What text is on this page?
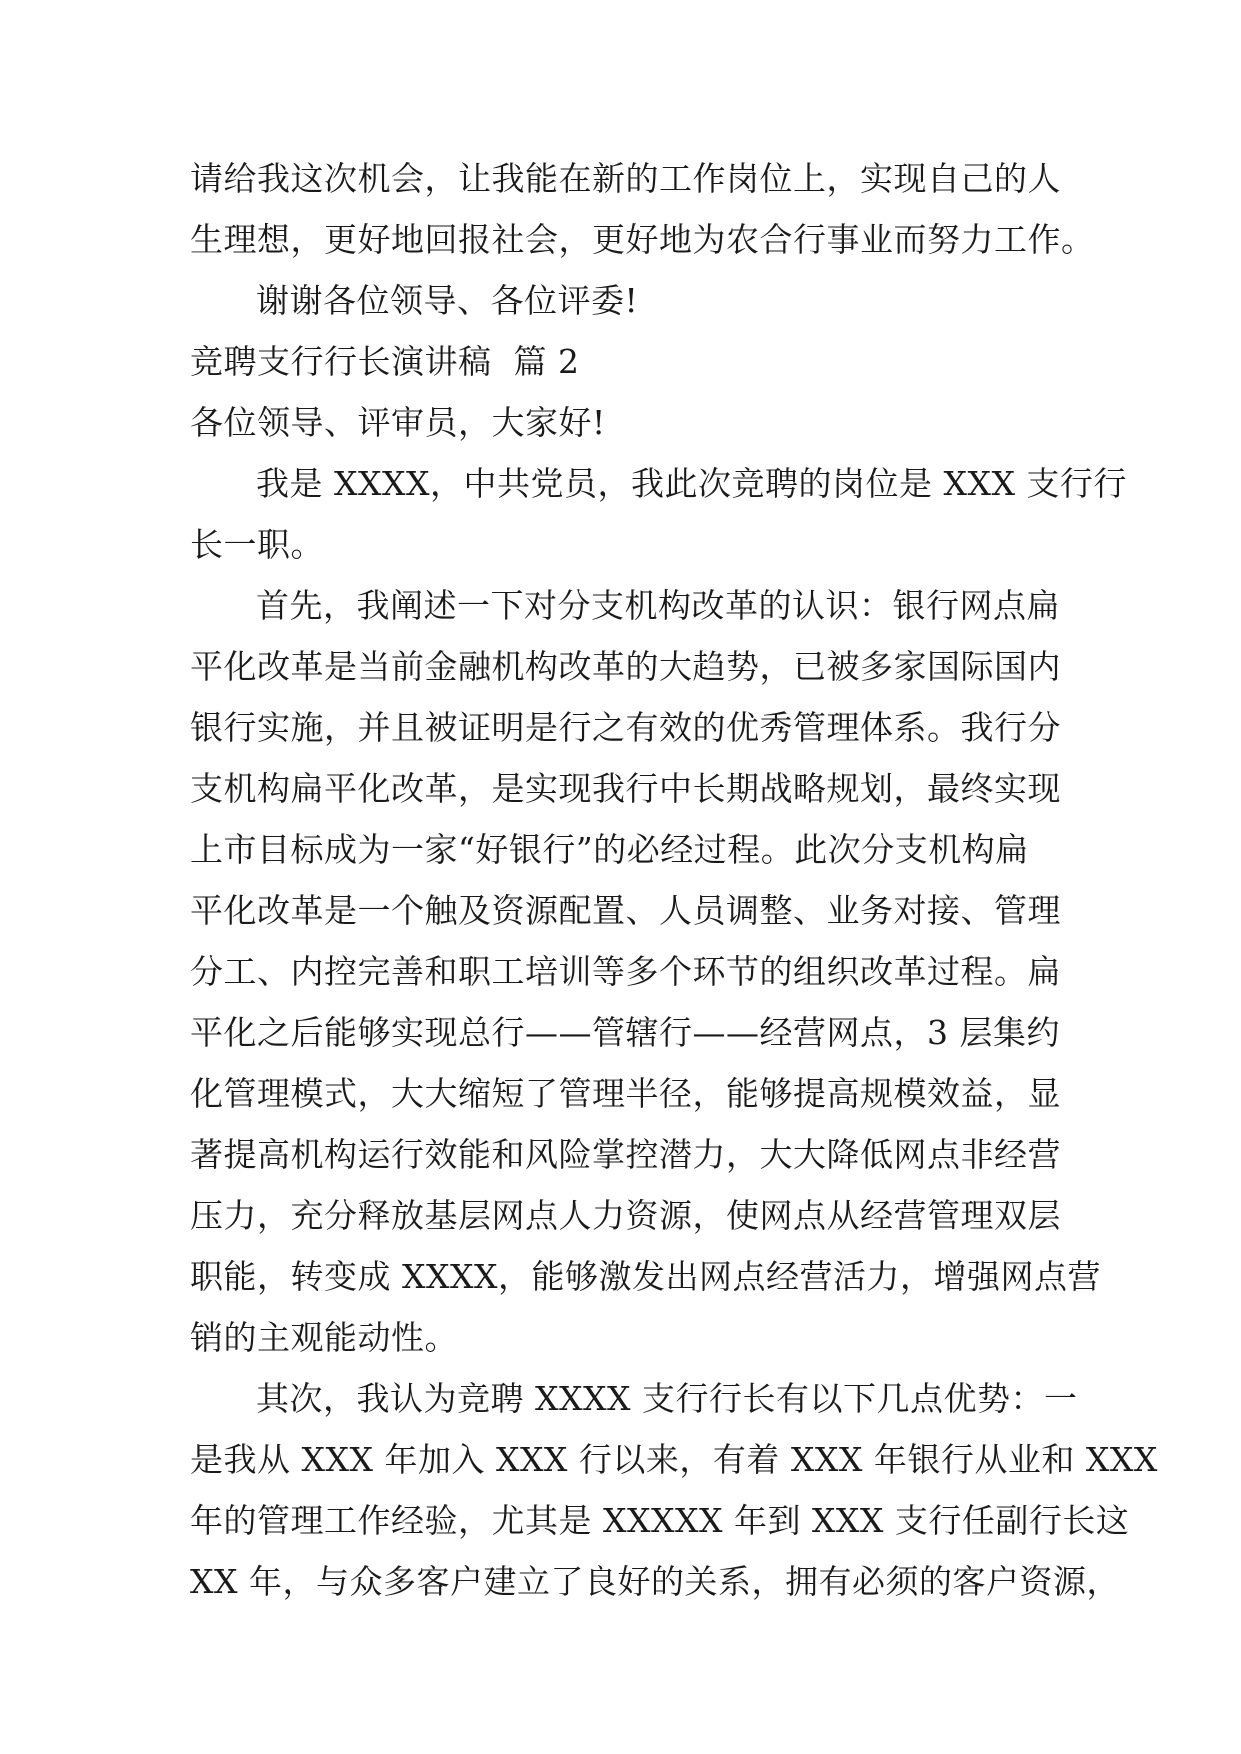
请给我这次机会，让我能在新的工作岗位上，实现自己的人
生理想，更好地回报社会，更好地为农合行事业而努力工作。
谢谢各位领导、各位评委!
竞聘支行行长演讲稿  篇 2
各位领导、评审员，大家好!
我是 XXXX，中共党员，我此次竞聘的岗位是 XXX 支行行
长一职。
首先，我阐述一下对分支机构改革的认识：银行网点扁
平化改革是当前金融机构改革的大趋势，已被多家国际国内
银行实施，并且被证明是行之有效的优秀管理体系。我行分
支机构扁平化改革，是实现我行中长期战略规划，最终实现
上市目标成为一家“好银行”的必经过程。此次分支机构扁
平化改革是一个触及资源配置、人员调整、业务对接、管理
分工、内控完善和职工培训等多个环节的组织改革过程。扁
平化之后能够实现总行——管辖行——经营网点，3 层集约
化管理模式，大大缩短了管理半径，能够提高规模效益，显
著提高机构运行效能和风险掌控潜力，大大降低网点非经营
压力，充分释放基层网点人力资源，使网点从经营管理双层
职能，转变成 XXXX，能够激发出网点经营活力，增强网点营
销的主观能动性。
其次，我认为竞聘 XXXX 支行行长有以下几点优势：一
是我从 XXX 年加入 XXX 行以来，有着 XXX 年银行从业和 XXX
年的管理工作经验，尤其是 XXXXX 年到 XXX 支行任副行长这
XX 年，与众多客户建立了良好的关系，拥有必须的客户资源，
